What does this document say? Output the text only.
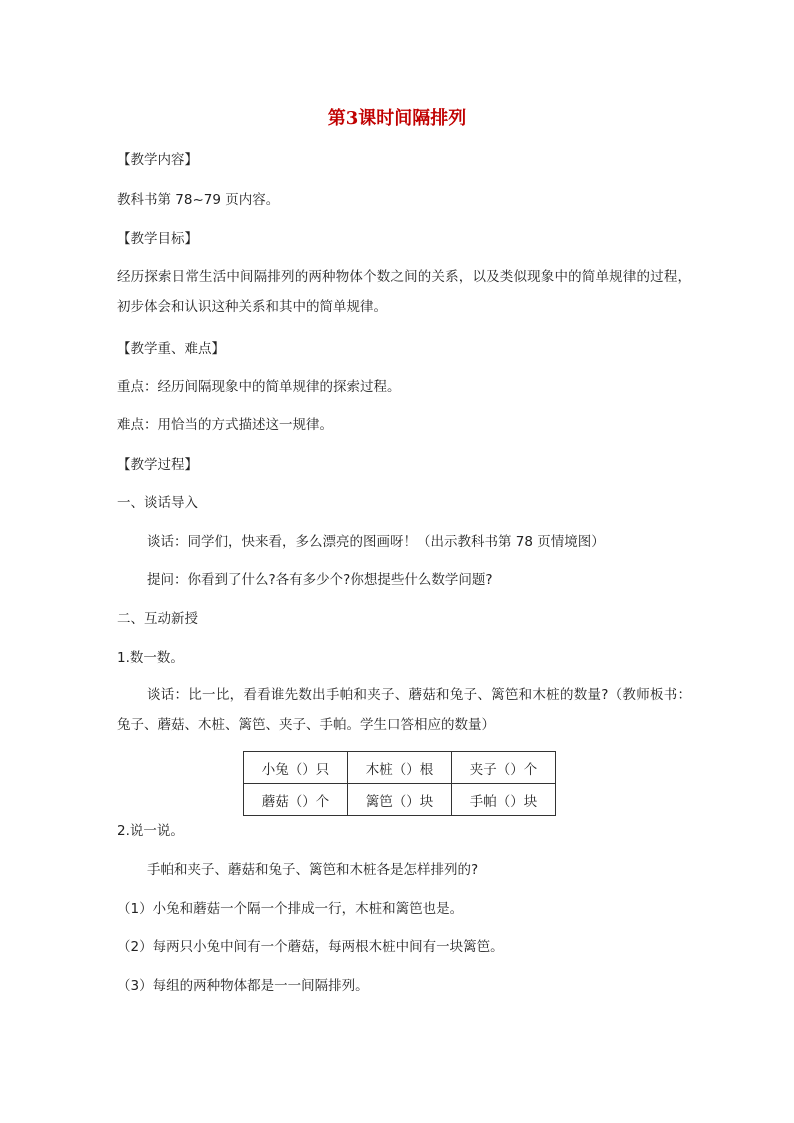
第3课时间隔排列
【教学内容】
教科书第 78~79 页内容。
【教学目标】
经历探索日常生活中间隔排列的两种物体个数之间的关系，以及类似现象中的简单规律的过程，初步体会和认识这种关系和其中的简单规律。
【教学重、难点】
重点：经历间隔现象中的简单规律的探索过程。
难点：用恰当的方式描述这一规律。
【教学过程】
一、谈话导入
谈话：同学们，快来看，多么漂亮的图画呀！（出示教科书第 78 页情境图）
提问：你看到了什么?各有多少个?你想提些什么数学问题?
二、互动新授
1.数一数。
谈话：比一比，看看谁先数出手帕和夹子、蘑菇和兔子、篱笆和木桩的数量?（教师板书：兔子、蘑菇、木桩、篱笆、夹子、手帕。学生口答相应的数量）
小兔（）只	木桩（）根	夹子（）个
蘑菇（）个	篱笆（）块	手帕（）块
2.说一说。
手帕和夹子、蘑菇和兔子、篱笆和木桩各是怎样排列的?
（1）小兔和蘑菇一个隔一个排成一行，木桩和篱笆也是。
（2）每两只小兔中间有一个蘑菇，每两根木桩中间有一块篱笆。
（3）每组的两种物体都是一一间隔排列。
